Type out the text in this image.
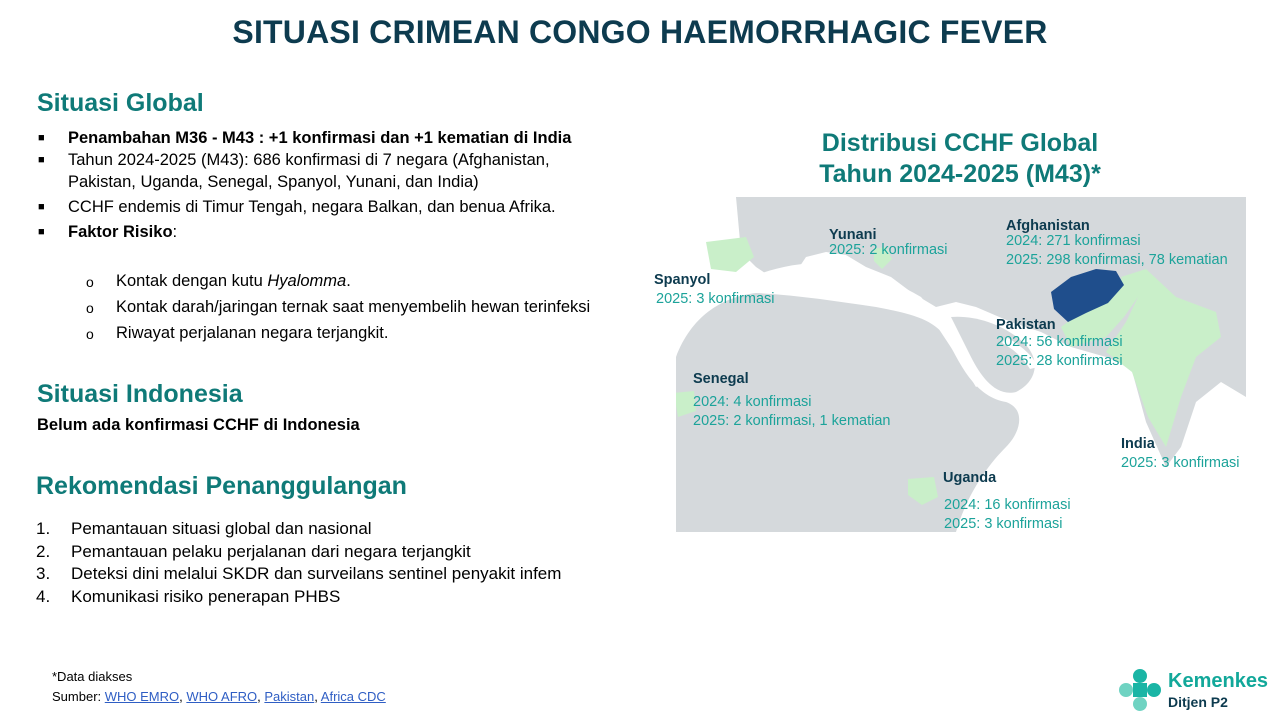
SITUASI CRIMEAN CONGO HAEMORRHAGIC FEVER
Situasi Global
■ Penambahan M36 - M43 : +1 konfirmasi dan +1 kematian di India
■ Tahun 2024-2025 (M43): 686 konfirmasi di 7 negara (Afghanistan, Pakistan, Uganda, Senegal, Spanyol, Yunani, dan India)
■ CCHF endemis di Timur Tengah, negara Balkan, dan benua Afrika.
■ Faktor Risiko:
o Kontak dengan kutu Hyalomma.
o Kontak darah/jaringan ternak saat menyembelih hewan terinfeksi
o Riwayat perjalanan negara terjangkit.
Situasi Indonesia
Belum ada konfirmasi CCHF di Indonesia
Rekomendasi Penanggulangan
1. Pemantauan situasi global dan nasional
2. Pemantauan pelaku perjalanan dari negara terjangkit
3. Deteksi dini melalui SKDR dan surveilans sentinel penyakit infem
4. Komunikasi risiko penerapan PHBS
*Data diakses
Sumber: WHO EMRO, WHO AFRO, Pakistan, Africa CDC
Distribusi CCHF Global
Tahun 2024-2025 (M43)*
Yunani
2025: 2 konfirmasi
Afghanistan
2024: 271 konfirmasi
2025: 298 konfirmasi, 78 kematian
Spanyol
2025: 3 konfirmasi
Pakistan
2024: 56 konfirmasi
2025: 28 konfirmasi
Senegal
2024: 4 konfirmasi
2025: 2 konfirmasi, 1 kematian
India
2025: 3 konfirmasi
Uganda
2024: 16 konfirmasi
2025: 3 konfirmasi
Kemenkes
Ditjen P2
